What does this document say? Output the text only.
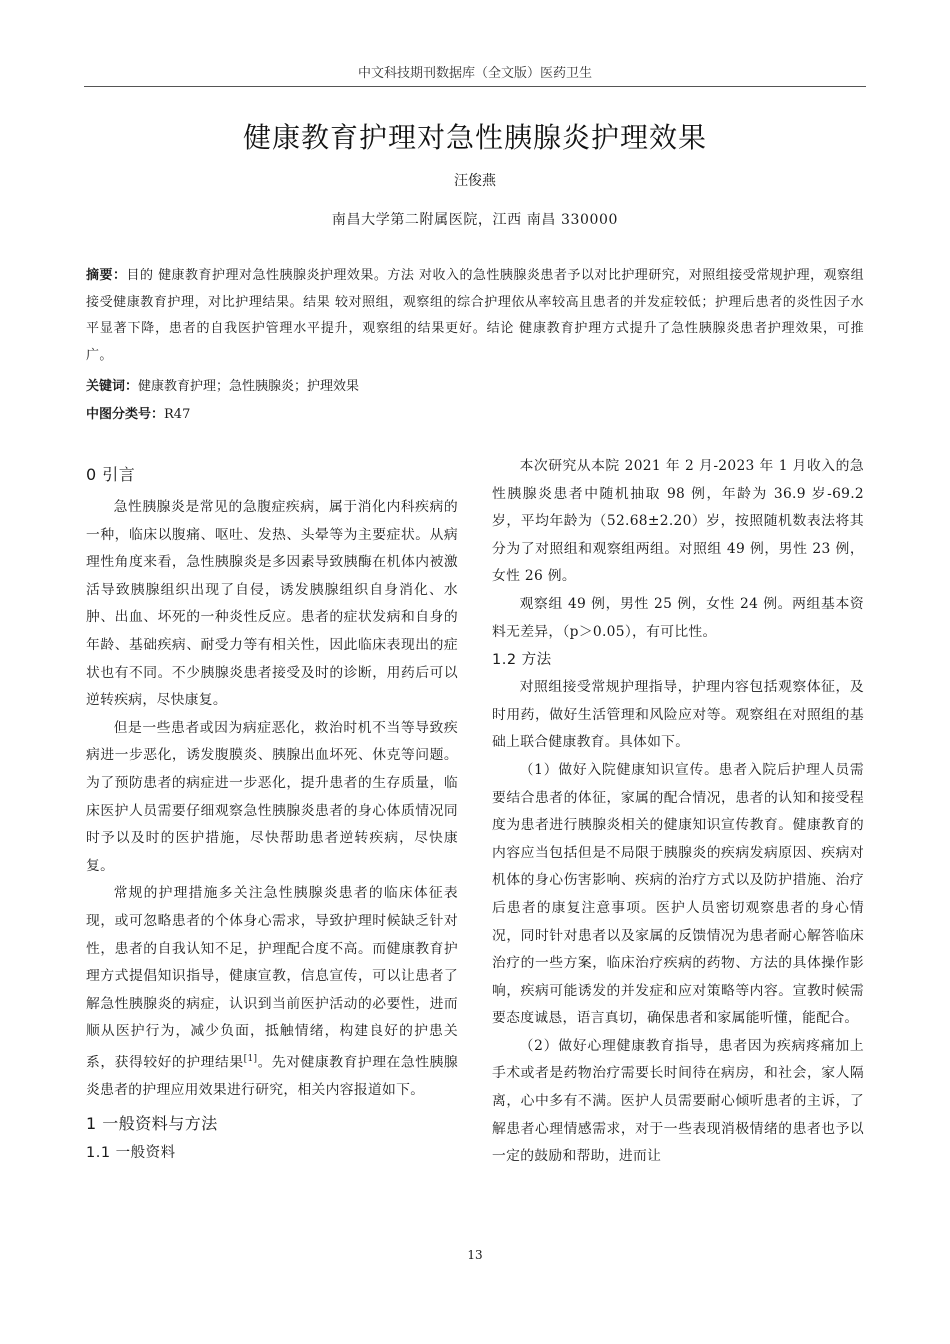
中文科技期刊数据库（全文版）医药卫生
健康教育护理对急性胰腺炎护理效果
汪俊燕
南昌大学第二附属医院，江西 南昌 330000
摘要：目的 健康教育护理对急性胰腺炎护理效果。方法 对收入的急性胰腺炎患者予以对比护理研究，对照组接受常规护理，观察组接受健康教育护理，对比护理结果。结果 较对照组，观察组的综合护理依从率较高且患者的并发症较低；护理后患者的炎性因子水平显著下降，患者的自我医护管理水平提升，观察组的结果更好。结论 健康教育护理方式提升了急性胰腺炎患者护理效果，可推广。
关键词：健康教育护理；急性胰腺炎；护理效果
中图分类号：R47
0 引言

急性胰腺炎是常见的急腹症疾病，属于消化内科疾病的一种，临床以腹痛、呕吐、发热、头晕等为主要症状。从病理性角度来看，急性胰腺炎是多因素导致胰酶在机体内被激活导致胰腺组织出现了自侵，诱发胰腺组织自身消化、水肿、出血、坏死的一种炎性反应。患者的症状发病和自身的年龄、基础疾病、耐受力等有相关性，因此临床表现出的症状也有不同。不少胰腺炎患者接受及时的诊断，用药后可以逆转疾病，尽快康复。

但是一些患者或因为病症恶化，救治时机不当等导致疾病进一步恶化，诱发腹膜炎、胰腺出血坏死、休克等问题。为了预防患者的病症进一步恶化，提升患者的生存质量，临床医护人员需要仔细观察急性胰腺炎患者的身心体质情况同时予以及时的医护措施，尽快帮助患者逆转疾病，尽快康复。

常规的护理措施多关注急性胰腺炎患者的临床体征表现，或可忽略患者的个体身心需求，导致护理时候缺乏针对性，患者的自我认知不足，护理配合度不高。而健康教育护理方式提倡知识指导，健康宣教，信息宣传，可以让患者了解急性胰腺炎的病症，认识到当前医护活动的必要性，进而顺从医护行为，减少负面，抵触情绪，构建良好的护患关系，获得较好的护理结果[1]。先对健康教育护理在急性胰腺炎患者的护理应用效果进行研究，相关内容报道如下。

1 一般资料与方法
1.1 一般资料

本次研究从本院 2021 年 2 月-2023 年 1 月收入的急性胰腺炎患者中随机抽取 98 例，年龄为 36.9 岁-69.2 岁，平均年龄为（52.68±2.20）岁，按照随机数表法将其分为了对照组和观察组两组。对照组 49 例，男性 23 例，女性 26 例。

观察组 49 例，男性 25 例，女性 24 例。两组基本资料无差异，（p＞0.05），有可比性。

1.2 方法

对照组接受常规护理指导，护理内容包括观察体征，及时用药，做好生活管理和风险应对等。观察组在对照组的基础上联合健康教育。具体如下。

（1）做好入院健康知识宣传。患者入院后护理人员需要结合患者的体征，家属的配合情况，患者的认知和接受程度为患者进行胰腺炎相关的健康知识宣传教育。健康教育的内容应当包括但是不局限于胰腺炎的疾病发病原因、疾病对机体的身心伤害影响、疾病的治疗方式以及防护措施、治疗后患者的康复注意事项。医护人员密切观察患者的身心情况，同时针对患者以及家属的反馈情况为患者耐心解答临床治疗的一些方案，临床治疗疾病的药物、方法的具体操作影响，疾病可能诱发的并发症和应对策略等内容。宣教时候需要态度诚恳，语言真切，确保患者和家属能听懂，能配合。

（2）做好心理健康教育指导，患者因为疾病疼痛加上手术或者是药物治疗需要长时间待在病房，和社会，家人隔离，心中多有不满。医护人员需要耐心倾听患者的主诉，了解患者心理情感需求，对于一些表现消极情绪的患者也予以一定的鼓励和帮助，进而让

13
